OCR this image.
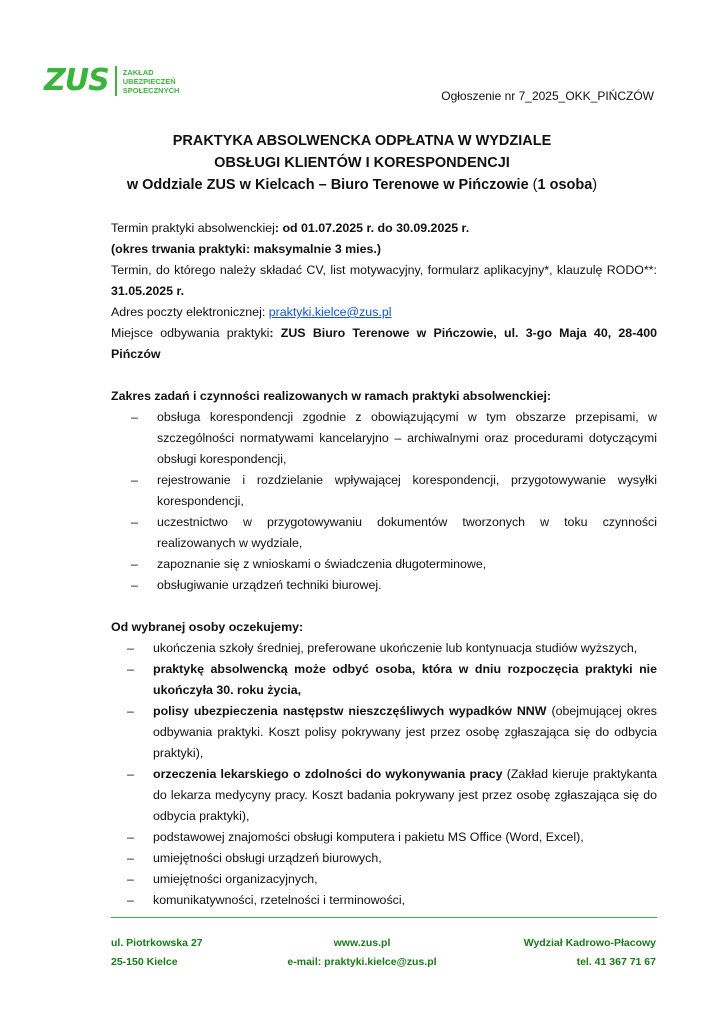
ZUS ZAKŁAD
UBEZPIECZEŃ
SPOŁECZNYCH	Ogłoszenie nr 7_2025_OKK_PIŃCZÓW
PRAKTYKA ABSOLWENCKA ODPŁATNA W WYDZIALE
OBSŁUGI KLIENTÓW I KORESPONDENCJI
w Oddziale ZUS w Kielcach – Biuro Terenowe w Pińczowie (1 osoba)

Termin praktyki absolwenckiej: od 01.07.2025 r. do 30.09.2025 r.

(okres trwania praktyki: maksymalnie 3 mies.)

Termin, do którego należy składać CV, list motywacyjny, formularz aplikacyjny*, klauzulę RODO**: 31.05.2025 r.

Adres poczty elektronicznej: praktyki.kielce@zus.pl

Miejsce odbywania praktyki: ZUS Biuro Terenowe w Pińczowie, ul. 3-go Maja 40, 28-400 Pińczów

Zakres zadań i czynności realizowanych w ramach praktyki absolwenckiej:

– obsługa korespondencji zgodnie z obowiązującymi w tym obszarze przepisami, w szczególności normatywami kancelaryjno – archiwalnymi oraz procedurami dotyczącymi obsługi korespondencji,
– rejestrowanie i rozdzielanie wpływającej korespondencji, przygotowywanie wysyłki korespondencji,
– uczestnictwo w przygotowywaniu dokumentów tworzonych w toku czynności realizowanych w wydziale,
– zapoznanie się z wnioskami o świadczenia długoterminowe,
– obsługiwanie urządzeń techniki biurowej.

Od wybranej osoby oczekujemy:

– ukończenia szkoły średniej, preferowane ukończenie lub kontynuacja studiów wyższych,
– praktykę absolwencką może odbyć osoba, która w dniu rozpoczęcia praktyki nie ukończyła 30. roku życia,
– polisy ubezpieczenia następstw nieszczęśliwych wypadków NNW (obejmującej okres odbywania praktyki. Koszt polisy pokrywany jest przez osobę zgłaszająca się do odbycia praktyki),
– orzeczenia lekarskiego o zdolności do wykonywania pracy (Zakład kieruje praktykanta do lekarza medycyny pracy. Koszt badania pokrywany jest przez osobę zgłaszająca się do odbycia praktyki),
– podstawowej znajomości obsługi komputera i pakietu MS Office (Word, Excel),
– umiejętności obsługi urządzeń biurowych,
– umiejętności organizacyjnych,
– komunikatywności, rzetelności i terminowości,
ul. Piotrkowska 27
25-150 Kielce
www.zus.pl
e-mail: praktyki.kielce@zus.pl
Wydział Kadrowo-Płacowy
tel. 41 367 71 67
